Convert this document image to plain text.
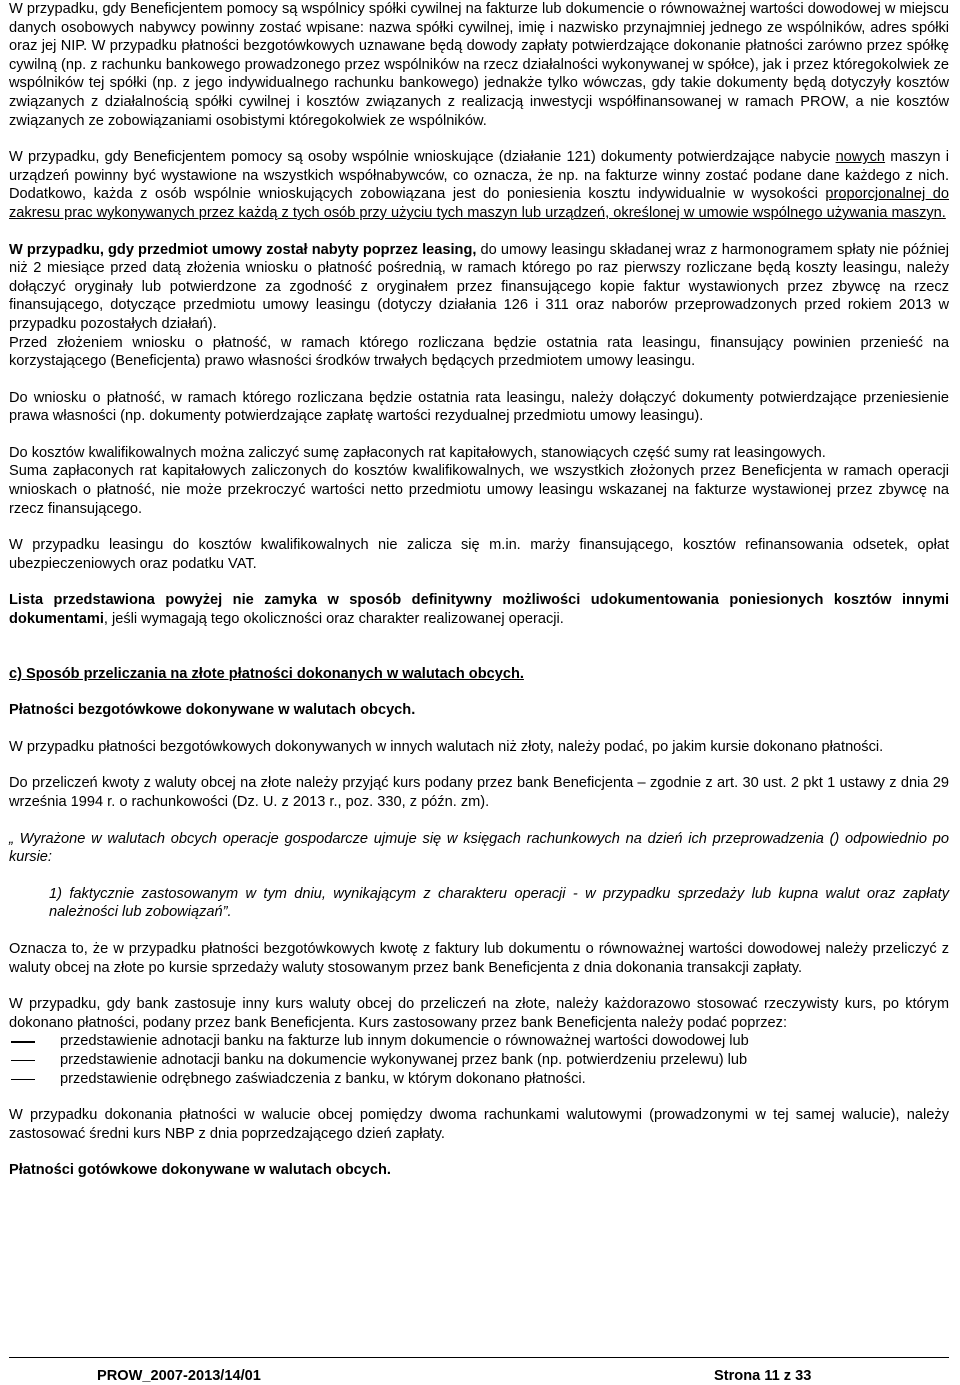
W przypadku, gdy Beneficjentem pomocy są wspólnicy spółki cywilnej na fakturze lub dokumencie o równoważnej wartości dowodowej w miejscu danych osobowych nabywcy powinny zostać wpisane: nazwa spółki cywilnej, imię i nazwisko przynajmniej jednego ze wspólników, adres spółki oraz jej NIP. W przypadku płatności bezgotówkowych uznawane będą dowody zapłaty potwierdzające dokonanie płatności zarówno przez spółkę cywilną (np. z rachunku bankowego prowadzonego przez wspólników na rzecz działalności wykonywanej w spółce), jak i przez któregokolwiek ze wspólników tej spółki (np. z jego indywidualnego rachunku bankowego) jednakże tylko wówczas, gdy takie dokumenty będą dotyczyły kosztów związanych z działalnością spółki cywilnej i kosztów związanych z realizacją inwestycji współfinansowanej w ramach PROW, a nie kosztów związanych ze zobowiązaniami osobistymi któregokolwiek ze wspólników.

W przypadku, gdy Beneficjentem pomocy są osoby wspólnie wnioskujące (działanie 121) dokumenty potwierdzające nabycie nowych maszyn i urządzeń powinny być wystawione na wszystkich współnabywców, co oznacza, że np. na fakturze winny zostać podane dane każdego z nich. Dodatkowo, każda z osób wspólnie wnioskujących zobowiązana jest do poniesienia kosztu indywidualnie w wysokości proporcjonalnej do zakresu prac wykonywanych przez każdą z tych osób przy użyciu tych maszyn lub urządzeń, określonej w umowie wspólnego używania maszyn.

W przypadku, gdy przedmiot umowy został nabyty poprzez leasing, do umowy leasingu składanej wraz z harmonogramem spłaty nie później niż 2 miesiące przed datą złożenia wniosku o płatność pośrednią, w ramach którego po raz pierwszy rozliczane będą koszty leasingu, należy dołączyć oryginały lub potwierdzone za zgodność z oryginałem przez finansującego kopie faktur wystawionych przez zbywcę na rzecz finansującego, dotyczące przedmiotu umowy leasingu (dotyczy działania 126 i 311 oraz naborów przeprowadzonych przed rokiem 2013 w przypadku pozostałych działań).

Przed złożeniem wniosku o płatność, w ramach którego rozliczana będzie ostatnia rata leasingu, finansujący powinien przenieść na korzystającego (Beneficjenta) prawo własności środków trwałych będących przedmiotem umowy leasingu.

Do wniosku o płatność, w ramach którego rozliczana będzie ostatnia rata leasingu, należy dołączyć dokumenty potwierdzające przeniesienie prawa własności (np. dokumenty potwierdzające zapłatę wartości rezydualnej przedmiotu umowy leasingu).

Do kosztów kwalifikowalnych można zaliczyć sumę zapłaconych rat kapitałowych, stanowiących część sumy rat leasingowych.

Suma zapłaconych rat kapitałowych zaliczonych do kosztów kwalifikowalnych, we wszystkich złożonych przez Beneficjenta w ramach operacji wnioskach o płatność, nie może przekroczyć wartości netto przedmiotu umowy leasingu wskazanej na fakturze wystawionej przez zbywcę na rzecz finansującego.

W przypadku leasingu do kosztów kwalifikowalnych nie zalicza się m.in. marży finansującego, kosztów refinansowania odsetek, opłat ubezpieczeniowych oraz podatku VAT.

Lista przedstawiona powyżej nie zamyka w sposób definitywny możliwości udokumentowania poniesionych kosztów innymi dokumentami, jeśli wymagają tego okoliczności oraz charakter realizowanej operacji.

c) Sposób przeliczania na złote płatności dokonanych w walutach obcych.

Płatności bezgotówkowe dokonywane w walutach obcych.

W przypadku płatności bezgotówkowych dokonywanych w innych walutach niż złoty, należy podać, po jakim kursie dokonano płatności.

Do przeliczeń kwoty z waluty obcej na złote należy przyjąć kurs podany przez bank Beneficjenta – zgodnie z art. 30 ust. 2 pkt 1 ustawy z dnia 29 września 1994 r. o rachunkowości (Dz. U. z 2013 r., poz. 330, z późn. zm).

„ Wyrażone w walutach obcych operacje gospodarcze ujmuje się w księgach rachunkowych na dzień ich przeprowadzenia () odpowiednio po kursie:

1) faktycznie zastosowanym w tym dniu, wynikającym z charakteru operacji - w przypadku sprzedaży lub kupna walut oraz zapłaty należności lub zobowiązań”.

Oznacza to, że w przypadku płatności bezgotówkowych kwotę z faktury lub dokumentu o równoważnej wartości dowodowej należy przeliczyć z waluty obcej na złote po kursie sprzedaży waluty stosowanym przez bank Beneficjenta z dnia dokonania transakcji zapłaty.

W przypadku, gdy bank zastosuje inny kurs waluty obcej do przeliczeń na złote, należy każdorazowo stosować rzeczywisty kurs, po którym dokonano płatności, podany przez bank Beneficjenta. Kurs zastosowany przez bank Beneficjenta należy podać poprzez:

przedstawienie adnotacji banku na fakturze lub innym dokumencie o równoważnej wartości dowodowej lub
przedstawienie adnotacji banku na dokumencie wykonywanej przez bank (np. potwierdzeniu przelewu) lub
przedstawienie odrębnego zaświadczenia z banku, w którym dokonano płatności.

W przypadku dokonania płatności w walucie obcej pomiędzy dwoma rachunkami walutowymi (prowadzonymi w tej samej walucie), należy zastosować średni kurs NBP z dnia poprzedzającego dzień zapłaty.

Płatności gotówkowe dokonywane w walutach obcych.

PROW_2007-2013/14/01	Strona 11 z 33
